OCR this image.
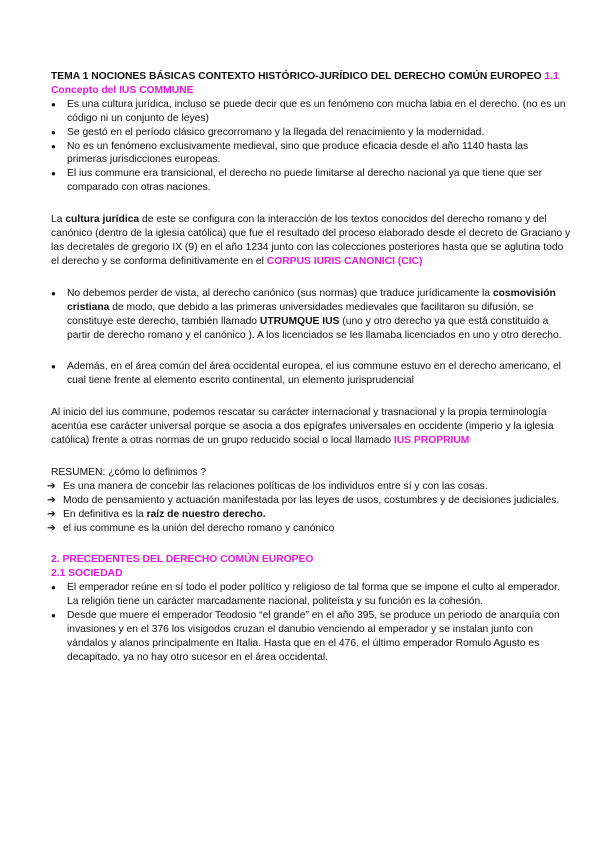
TEMA 1 NOCIONES BÁSICAS CONTEXTO HISTÓRICO-JURÍDICO DEL DERECHO COMÚN EUROPEO 1.1 Concepto del IUS COMMUNE

● Es una cultura jurídica, incluso se puede decir que es un fenómeno con mucha labia en el derecho. (no es un código ni un conjunto de leyes)
● Se gestó en el período clásico grecorromano y la llegada del renacimiento y la modernidad.
● No es un fenómeno exclusivamente medieval, sino que produce eficacia desde el año 1140 hasta las primeras jurisdicciones europeas.
● El ius commune era transicional, el derecho no puede limitarse al derecho nacional ya que tiene que ser comparado con otras naciones.

La cultura jurídica de este se configura con la interacción de los textos conocidos del derecho romano y del canónico (dentro de la iglesia católica) que fue el resultado del proceso elaborado desde el decreto de Graciano y las decretales de gregorio IX (9) en el año 1234 junto con las colecciones posteriores hasta que se aglutina todo el derecho y se conforma definitivamente en el CORPUS IURIS CANONICI (CIC)

● No debemos perder de vista, al derecho canónico (sus normas) que traduce jurídicamente la cosmovisión cristiana de modo, que debido a las primeras universidades medievales que facilitaron su difusión, se constituye este derecho, también llamado UTRUMQUE IUS (uno y otro derecho ya que está constituido a partir de derecho romano y el canónico ). A los licenciados se les llamaba licenciados en uno y otro derecho.
● Además, en el área común del área occidental europea, el ius commune estuvo en el derecho americano, el cual tiene frente al elemento escrito continental, un elemento jurisprudencial

Al inicio del ius commune, podemos rescatar su carácter internacional y trasnacional y la propia terminología acentúa ese carácter universal porque se asocia a dos epígrafes universales en occidente (imperio y la iglesia católica) frente a otras normas de un grupo reducido social o local llamado IUS PROPRIUM

RESUMEN: ¿cómo lo definimos ?

➔ Es una manera de concebir las relaciones políticas de los individuos entre sí y con las cosas.
➔ Modo de pensamiento y actuación manifestada por las leyes de usos, costumbres y de decisiones judiciales.
➔ En definitiva es la raíz de nuestro derecho.
➔ el ius commune es la unión del derecho romano y canónico

2. PRECEDENTES DEL DERECHO COMÚN EUROPEO

2.1 SOCIEDAD

● El emperador reúne en sí todo el poder político y religioso de tal forma que se impone el culto al emperador. La religión tiene un carácter marcadamente nacional, politeísta y su función es la cohesión.
● Desde que muere el emperador Teodosio “el grande” en el año 395, se produce un periodo de anarquía con invasiones y en el 376 los visigodos cruzan el danubio venciendo al emperador y se instalan junto con vándalos y alanos principalmente en Italia. Hasta que en el 476, el último emperador Romulo Agusto es decapitado, ya no hay otro sucesor en el área occidental.
